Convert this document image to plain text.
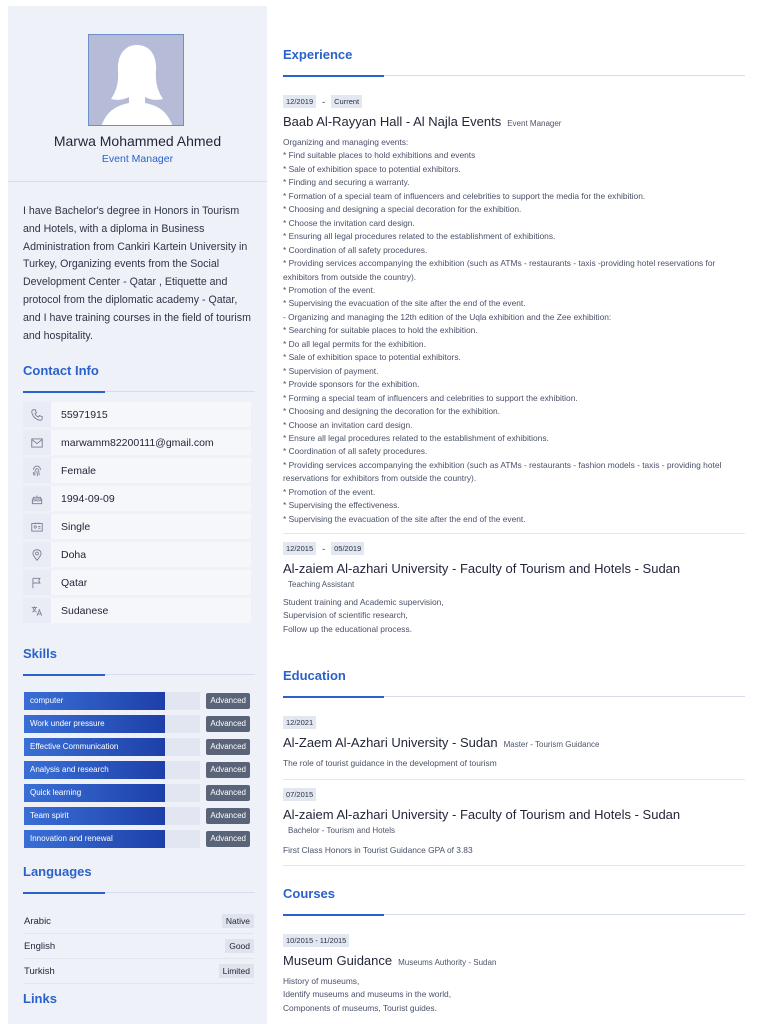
Marwa Mohammed Ahmed
Event Manager
I have Bachelor's degree in Honors in Tourism and Hotels, with a diploma in Business Administration from Cankiri Kartein University in Turkey, Organizing events from the Social Development Center - Qatar , Etiquette and protocol from the diplomatic academy - Qatar, and I have training courses in the field of tourism and hospitality.
Contact Info
55971915
marwamm82200111@gmail.com
Female
1994-09-09
Single
Doha
Qatar
Sudanese
Skills
computer	Advanced
Work under pressure	Advanced
Effective Communication	Advanced
Analysis and research	Advanced
Quick learning	Advanced
Team spirit	Advanced
Innovation and renewal	Advanced
Languages
Arabic	Native
English	Good
Turkish	Limited
Links
Experience
12/2019	-	Current
Baab Al-Rayyan Hall - Al Najla Events Event Manager
Organizing and managing events:
* Find suitable places to hold exhibitions and events
* Sale of exhibition space to potential exhibitors.
* Finding and securing a warranty.
* Formation of a special team of influencers and celebrities to support the media for the exhibition.
* Choosing and designing a special decoration for the exhibition.
* Choose the invitation card design.
* Ensuring all legal procedures related to the establishment of exhibitions.
* Coordination of all safety procedures.
* Providing services accompanying the exhibition (such as ATMs - restaurants - taxis -providing hotel reservations for exhibitors from outside the country).
* Promotion of the event.
* Supervising the evacuation of the site after the end of the event.
- Organizing and managing the 12th edition of the Uqla exhibition and the Zee exhibition:
* Searching for suitable places to hold the exhibition.
* Do all legal permits for the exhibition.
* Sale of exhibition space to potential exhibitors.
* Supervision of payment.
* Provide sponsors for the exhibition.
* Forming a special team of influencers and celebrities to support the exhibition.
* Choosing and designing the decoration for the exhibition.
* Choose an invitation card design.
* Ensure all legal procedures related to the establishment of exhibitions.
* Coordination of all safety procedures.
* Providing services accompanying the exhibition (such as ATMs - restaurants - fashion models - taxis - providing hotel reservations for exhibitors from outside the country).
* Promotion of the event.
* Supervising the effectiveness.
* Supervising the evacuation of the site after the end of the event.
12/2015	-	05/2019
Al-zaiem Al-azhari University - Faculty of Tourism and Hotels - Sudan
Teaching Assistant
Student training and Academic supervision,
Supervision of scientific research,
Follow up the educational process.
Education
12/2021
Al-Zaem Al-Azhari University - Sudan Master - Tourism Guidance
The role of tourist guidance in the development of tourism
07/2015
Al-zaiem Al-azhari University - Faculty of Tourism and Hotels - Sudan
Bachelor - Tourism and Hotels
First Class Honors in Tourist Guidance GPA of 3.83
Courses
10/2015 - 11/2015
Museum Guidance Museums Authority - Sudan
History of museums,
Identify museums and museums in the world,
Components of museums, Tourist guides.
